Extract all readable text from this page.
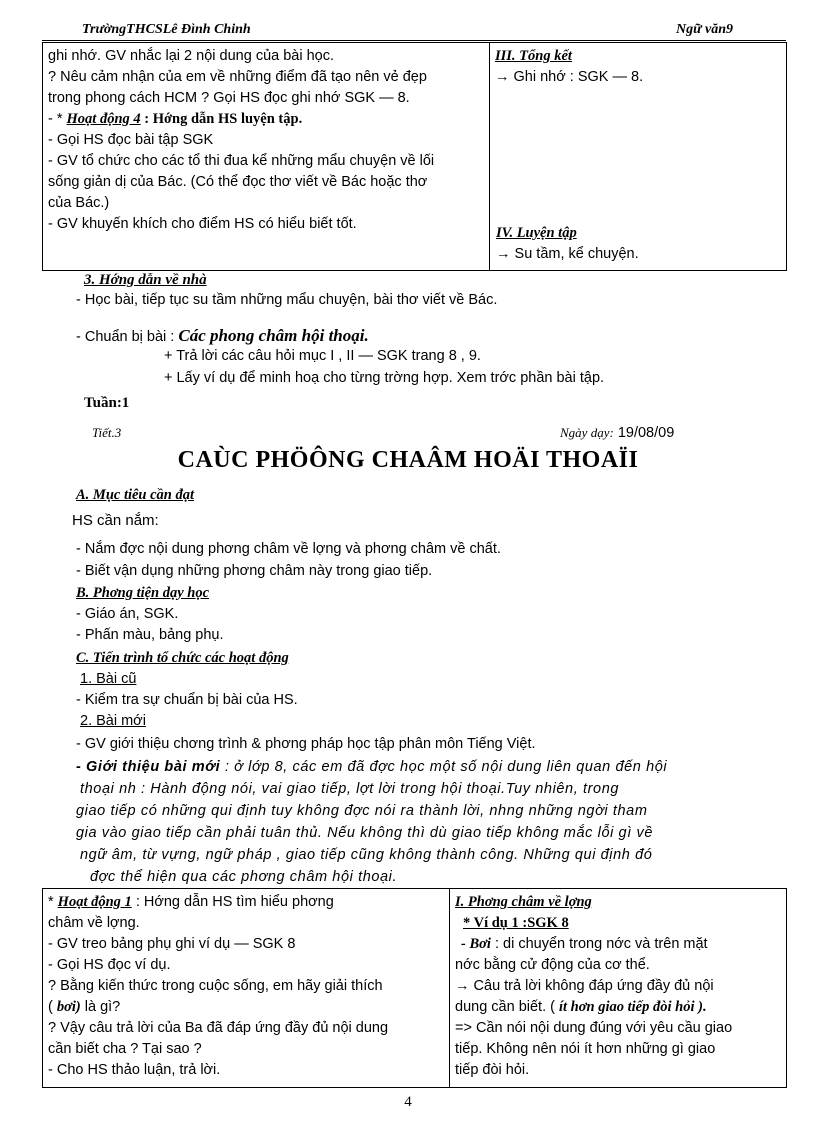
TrườngTHCSLê Đình Chinh	Ngữ văn9
ghi nhớ. GV nhắc lại 2 nội dung của bài học.
? Nêu cảm nhận của em về những điểm đã tạo nên vẻ đẹp
trong phong cách HCM ? Gọi HS đọc ghi nhớ SGK — 8.
- * Hoạt động 4 : Hớng dẫn HS luyện tập.
- Gọi HS đọc bài tập SGK
- GV tổ chức cho các tổ thi đua kể những mẩu chuyện về lối
sống giản dị của Bác. (Có thể đọc thơ viết về Bác hoặc thơ
của Bác.)
- GV khuyến khích cho điểm HS có hiểu biết tốt.

III. Tổng kết
→ Ghi nhớ : SGK — 8.
IV. Luyện tập
→ Su tầm, kể chuyện.
3. Hớng dẫn về nhà
- Học bài, tiếp tục su tầm những mẩu chuyện, bài thơ viết về Bác.
- Chuẩn bị bài : Các phong châm hội thoại.
+ Trả lời các câu hỏi mục I , II — SGK trang 8 , 9.
+ Lấy ví dụ để minh hoạ cho từng trờng hợp. Xem trớc phần bài tập.
Tuần:1
Tiết.3	Ngày dạy: 19/08/09
CAÙC PHÖÔNG CHAÂM HOÄI THOAÏI
A. Mục tiêu cần đạt
HS cần nắm:
- Nắm đợc nội dung phơng châm về lợng và phơng châm về chất.
- Biết vận dụng những phơng châm này trong giao tiếp.
B. Phơng tiện dạy học
- Giáo án, SGK.
- Phấn màu, bảng phụ.
C. Tiến trình tổ chức các hoạt động
1. Bài cũ
- Kiểm tra sự chuẩn bị bài của HS.
2. Bài mới
- GV giới thiệu chơng trình & phơng pháp học tập phân môn Tiếng Việt.
- Giới thiệu bài mới : ở lớp 8, các em đã đợc học một số nội dung liên quan đến hội
thoại nh : Hành động nói, vai giao tiếp, lợt lời trong hội thoại.Tuy nhiên, trong
giao tiếp có những qui định tuy không đợc nói ra thành lời, nhng những ngời tham
gia vào giao tiếp cần phải tuân thủ. Nếu không thì dù giao tiếp không mắc lỗi gì về
ngữ âm, từ vựng, ngữ pháp , giao tiếp cũng không thành công. Những qui định đó
đợc thể hiện qua các phơng châm hội thoại.
* Hoạt động 1 : Hớng dẫn HS tìm hiểu phơng
châm về lợng.
- GV treo bảng phụ ghi ví dụ — SGK 8
- Gọi HS đọc ví dụ.
? Bằng kiến thức trong cuộc sống, em hãy giải thích
( bơi) là gì?
? Vậy câu trả lời của Ba đã đáp ứng đầy đủ nội dung
cần biết cha ? Tại sao ?
- Cho HS thảo luận, trả lời.

I. Phơng châm về lợng
* Ví dụ 1 :SGK 8
- Bơi : di chuyển trong nớc và trên mặt
nớc bằng cử động của cơ thể.
→ Câu trả lời không đáp ứng đầy đủ nội
dung cần biết. ( ít hơn giao tiếp đòi hỏi ).
=> Cần nói nội dung đúng với yêu cầu giao
tiếp. Không nên nói ít hơn những gì giao
tiếp đòi hỏi.
4
